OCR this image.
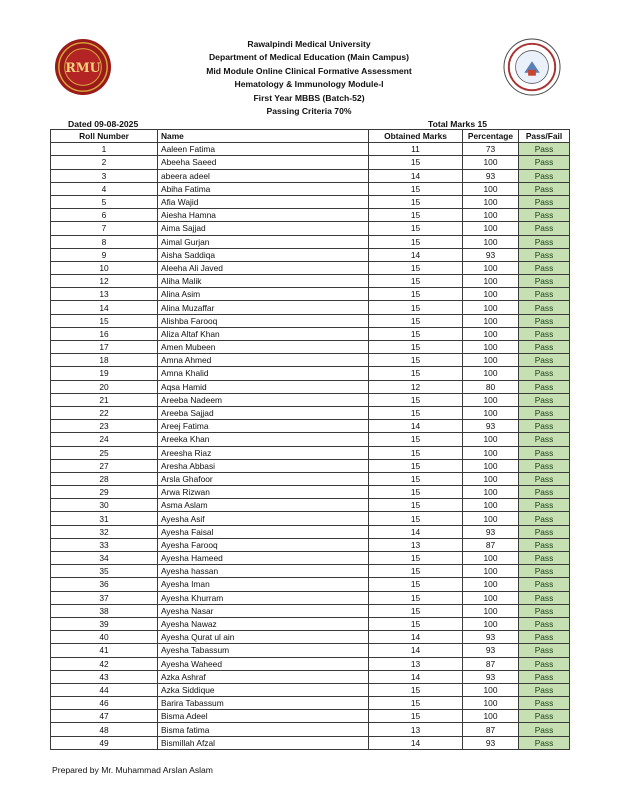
RMU
Rawalpindi Medical University
Department of Medical Education (Main Campus)
Mid Module Online Clinical Formative Assessment
Hematology & Immunology Module-I
First Year MBBS (Batch-52)
Passing Criteria 70%
Dated 09-08-2025	Total Marks 15
Roll Number	Name	Obtained Marks	Percentage	Pass/Fail
1	Aaleen Fatima	11	73	Pass
2	Abeeha Saeed	15	100	Pass
3	abeera adeel	14	93	Pass
4	Abiha Fatima	15	100	Pass
5	Afia Wajid	15	100	Pass
6	Aiesha Hamna	15	100	Pass
7	Aima Sajjad	15	100	Pass
8	Aimal Gurjan	15	100	Pass
9	Aisha Saddiqa	14	93	Pass
10	Aleeha Ali Javed	15	100	Pass
12	Aliha Malik	15	100	Pass
13	Alina Asim	15	100	Pass
14	Alina Muzaffar	15	100	Pass
15	Alishba Farooq	15	100	Pass
16	Aliza Altaf Khan	15	100	Pass
17	Amen Mubeen	15	100	Pass
18	Amna Ahmed	15	100	Pass
19	Amna Khalid	15	100	Pass
20	Aqsa Hamid	12	80	Pass
21	Areeba Nadeem	15	100	Pass
22	Areeba Sajjad	15	100	Pass
23	Areej Fatima	14	93	Pass
24	Areeka Khan	15	100	Pass
25	Areesha Riaz	15	100	Pass
27	Aresha Abbasi	15	100	Pass
28	Arsla Ghafoor	15	100	Pass
29	Arwa Rizwan	15	100	Pass
30	Asma Aslam	15	100	Pass
31	Ayesha Asif	15	100	Pass
32	Ayesha Faisal	14	93	Pass
33	Ayesha Farooq	13	87	Pass
34	Ayesha Hameed	15	100	Pass
35	Ayesha hassan	15	100	Pass
36	Ayesha Iman	15	100	Pass
37	Ayesha Khurram	15	100	Pass
38	Ayesha Nasar	15	100	Pass
39	Ayesha Nawaz	15	100	Pass
40	Ayesha Qurat ul ain	14	93	Pass
41	Ayesha Tabassum	14	93	Pass
42	Ayesha Waheed	13	87	Pass
43	Azka Ashraf	14	93	Pass
44	Azka Siddique	15	100	Pass
46	Barira Tabassum	15	100	Pass
47	Bisma Adeel	15	100	Pass
48	Bisma fatima	13	87	Pass
49	Bismillah Afzal	14	93	Pass
Prepared by Mr. Muhammad Arslan Aslam
